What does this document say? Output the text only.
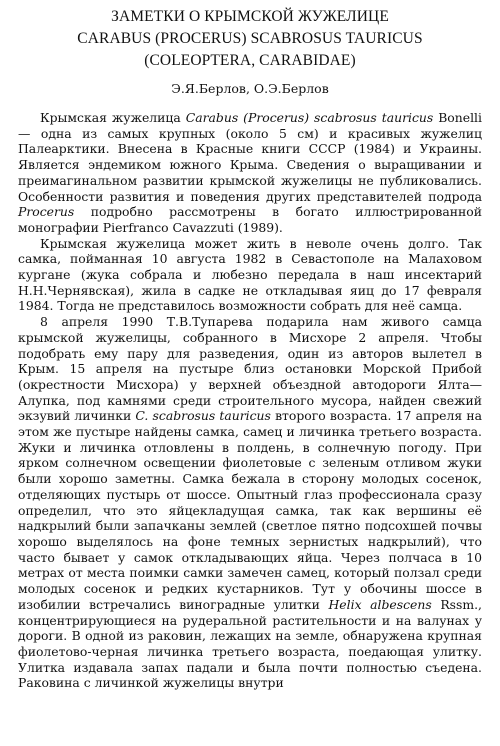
ЗАМЕТКИ О КРЫМСКОЙ ЖУЖЕЛИЦЕ

CARABUS (PROCERUS) SCABROSUS TAURICUS

(COLEOPTERA, CARABIDAE)

Э.Я.Берлов, О.Э.Берлов

Крымская жужелица Carabus (Procerus) scabrosus tauricus Bonelli — одна из самых крупных (около 5 см) и красивых жужелиц Палеарктики. Внесена в Красные книги СССР (1984) и Украины. Является эндемиком южного Крыма. Сведения о выращивании и преимагинальном развитии крымской жужелицы не публиковались. Особенности развития и поведения других представителей подрода Procerus подробно рассмотрены в богато иллюстрированной монографии Pierfranco Cavazzuti (1989).

Крымская жужелица может жить в неволе очень долго. Так самка, пойманная 10 августа 1982 в Севастополе на Малаховом кургане (жука собрала и любезно передала в наш инсектарий Н.Н.Чернявская), жила в садке не откладывая яиц до 17 февраля 1984. Тогда не представилось возможности собрать для неё самца.

8 апреля 1990 Т.В.Тупарева подарила нам живого самца крымской жужелицы, собранного в Мисхоре 2 апреля. Чтобы подобрать ему пару для разведения, один из авторов вылетел в Крым. 15 апреля на пустыре близ остановки Морской Прибой (окрестности Мисхора) у верхней объездной автодороги Ялта—Алупка, под камнями среди строительного мусора, найден свежий экзувий личинки C. scabrosus tauricus второго возраста. 17 апреля на этом же пустыре найдены самка, самец и личинка третьего возраста. Жуки и личинка отловлены в полдень, в солнечную погоду. При ярком солнечном освещении фиолетовые с зеленым отливом жуки были хорошо заметны. Самка бежала в сторону молодых сосенок, отделяющих пустырь от шоссе. Опытный глаз профессионала сразу определил, что это яйцекладущая самка, так как вершины её надкрылий были запачканы землей (светлое пятно подсохшей почвы хорошо выделялось на фоне темных зернистых надкрылий), что часто бывает у самок откладывающих яйца. Через полчаса в 10 метрах от места поимки самки замечен самец, который ползал среди молодых сосенок и редких кустарников. Тут у обочины шоссе в изобилии встречались виноградные улитки Helix albescens Rssm., концентрирующиеся на рудеральной растительности и на валунах у дороги. В одной из раковин, лежащих на земле, обнаружена крупная фиолетово-черная личинка третьего возраста, поедающая улитку. Улитка издавала запах падали и была почти полностью съедена. Раковина с личинкой жужелицы внутри
